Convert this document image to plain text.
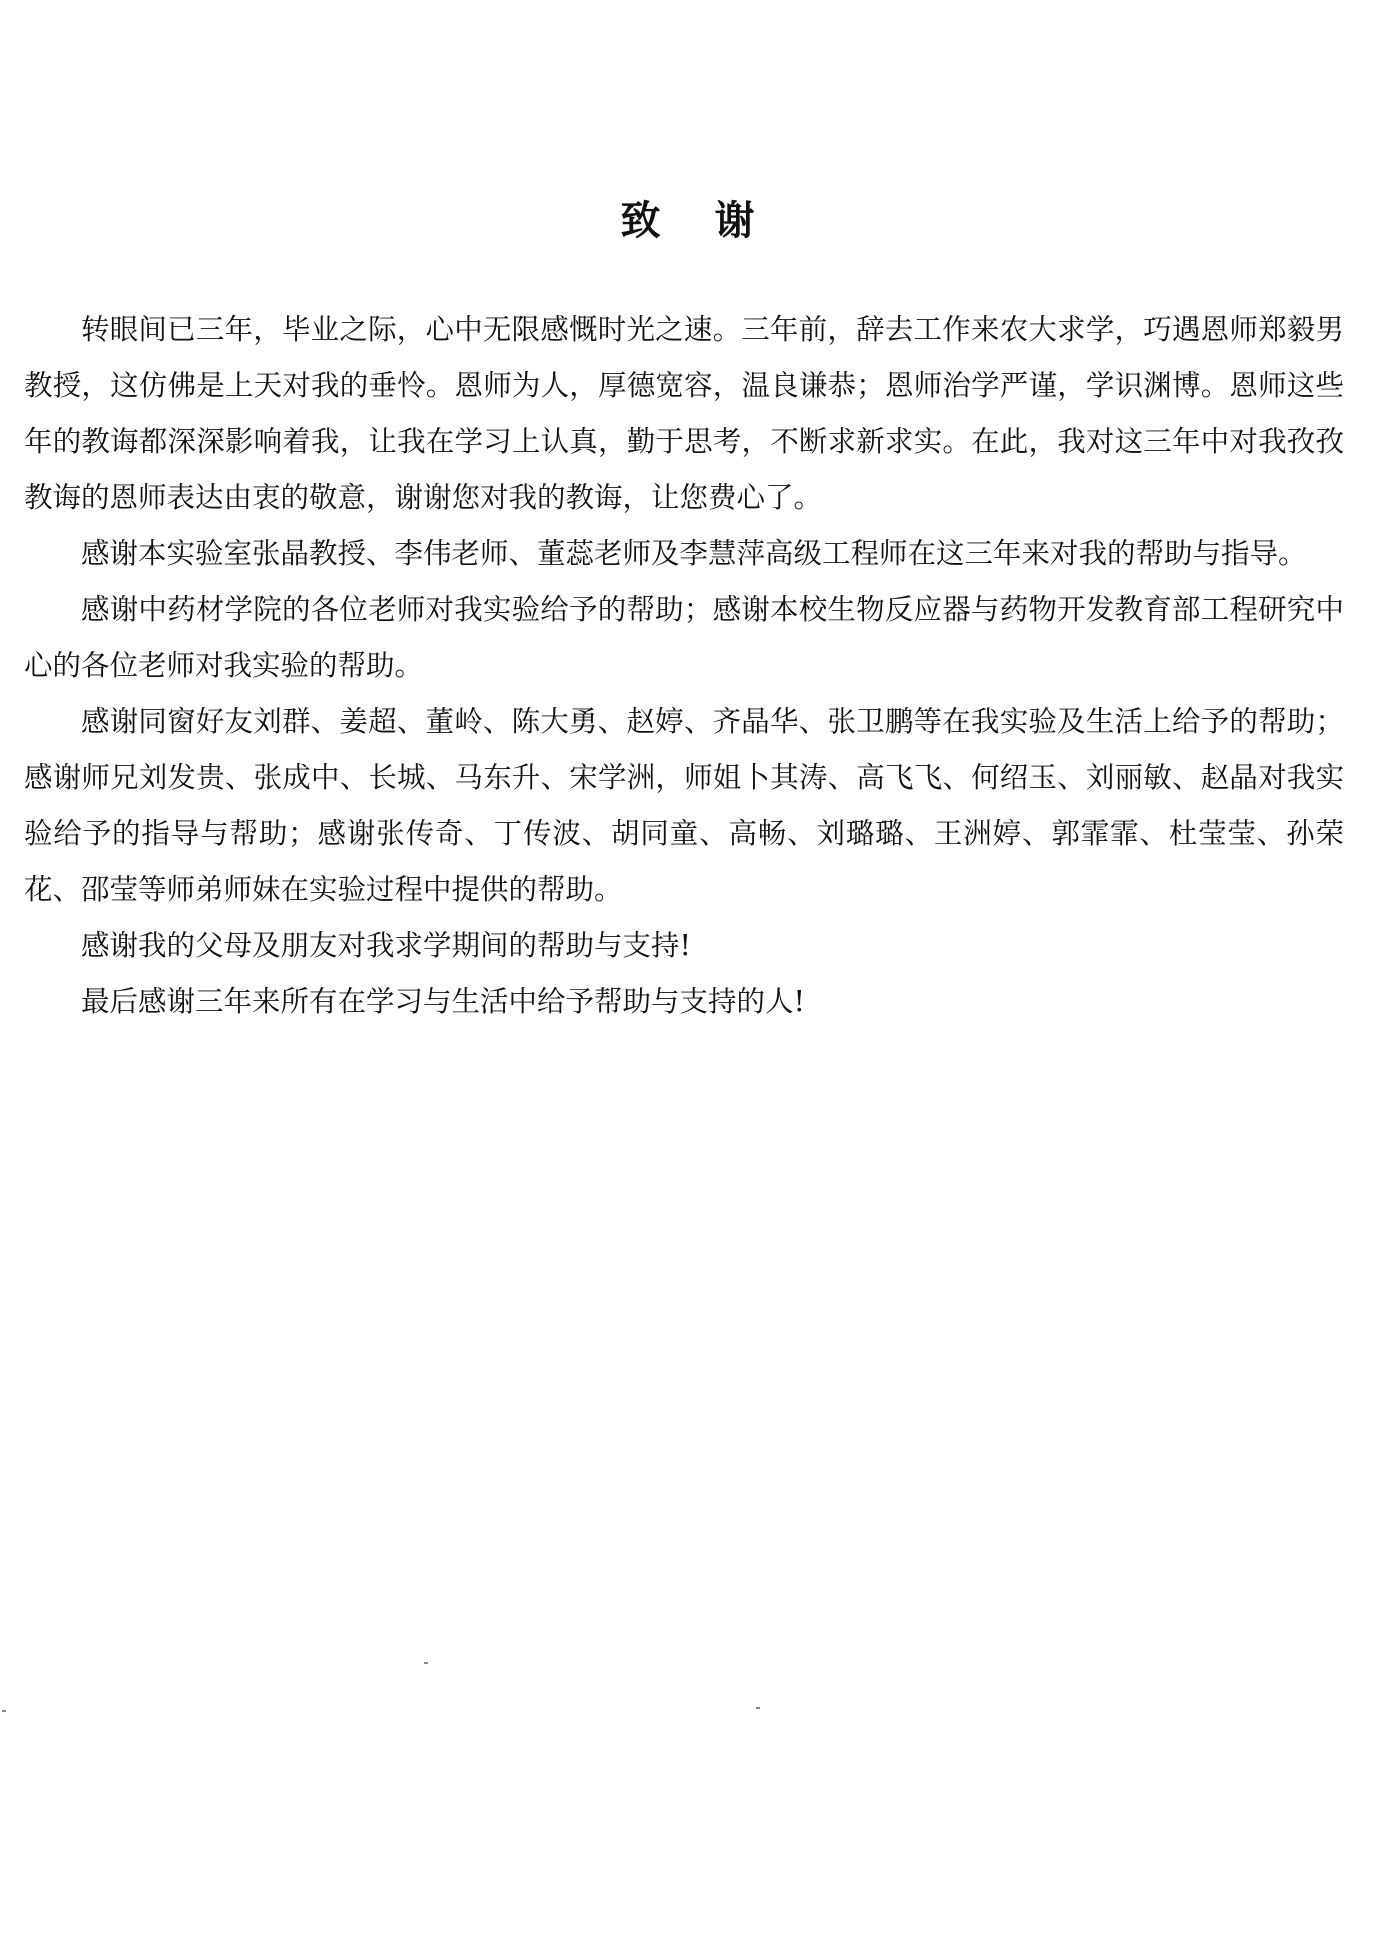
致谢

转眼间已三年，毕业之际，心中无限感慨时光之速。三年前，辞去工作来农大求学，巧遇恩师郑毅男教授，这仿佛是上天对我的垂怜。恩师为人，厚德宽容，温良谦恭；恩师治学严谨，学识渊博。恩师这些年的教诲都深深影响着我，让我在学习上认真，勤于思考，不断求新求实。在此，我对这三年中对我孜孜教诲的恩师表达由衷的敬意，谢谢您对我的教诲，让您费心了。

感谢本实验室张晶教授、李伟老师、董蕊老师及李慧萍高级工程师在这三年来对我的帮助与指导。

感谢中药材学院的各位老师对我实验给予的帮助；感谢本校生物反应器与药物开发教育部工程研究中心的各位老师对我实验的帮助。

感谢同窗好友刘群、姜超、董岭、陈大勇、赵婷、齐晶华、张卫鹏等在我实验及生活上给予的帮助；感谢师兄刘发贵、张成中、长城、马东升、宋学洲，师姐卜其涛、高飞飞、何绍玉、刘丽敏、赵晶对我实验给予的指导与帮助；感谢张传奇、丁传波、胡同童、高畅、刘璐璐、王洲婷、郭霏霏、杜莹莹、孙荣花、邵莹等师弟师妹在实验过程中提供的帮助。

感谢我的父母及朋友对我求学期间的帮助与支持!

最后感谢三年来所有在学习与生活中给予帮助与支持的人!
